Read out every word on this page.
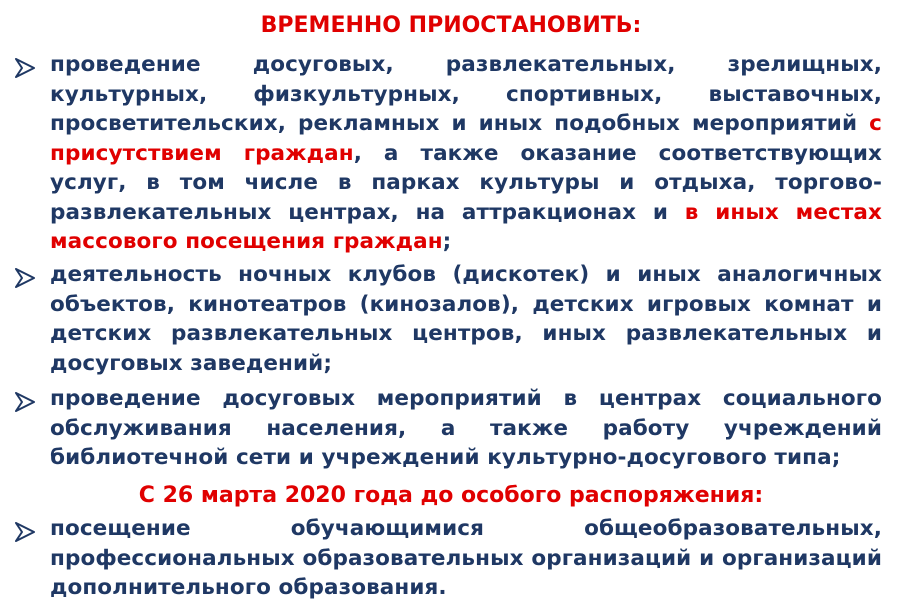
ВРЕМЕННО ПРИОСТАНОВИТЬ:
проведение досуговых, развлекательных, зрелищных, культурных, физкультурных, спортивных, выставочных, просветительских, рекламных и иных подобных мероприятий с присутствием граждан, а также оказание соответствующих услуг, в том числе в парках культуры и отдыха, торгово-развлекательных центрах, на аттракционах и в иных местах массового посещения граждан;
деятельность ночных клубов (дискотек) и иных аналогичных объектов, кинотеатров (кинозалов), детских игровых комнат и детских развлекательных центров, иных развлекательных и досуговых заведений;
проведение досуговых мероприятий в центрах социального обслуживания населения, а также работу учреждений библиотечной сети и учреждений культурно-досугового типа;
С 26 марта 2020 года до особого распоряжения:
посещение обучающимися общеобразовательных, профессиональных образовательных организаций и организаций дополнительного образования.
